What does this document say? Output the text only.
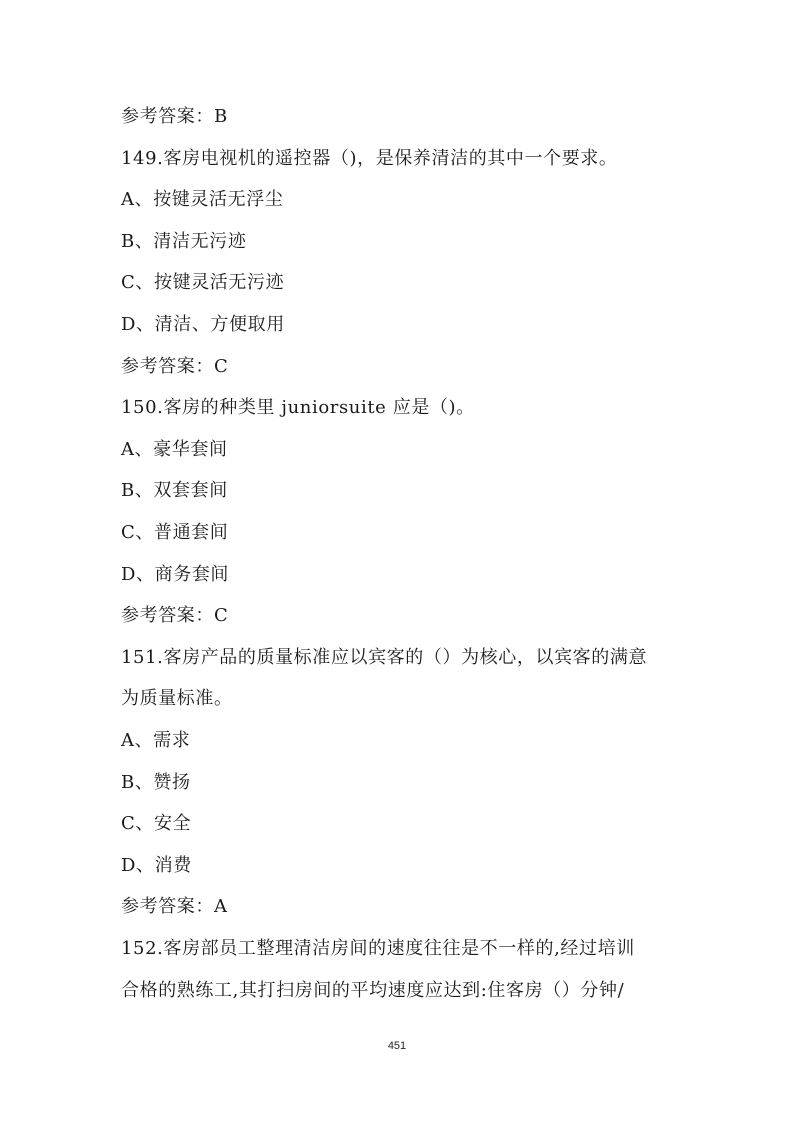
参考答案：B
149.客房电视机的遥控器（)，是保养清洁的其中一个要求。
A、按键灵活无浮尘
B、清洁无污迹
C、按键灵活无污迹
D、清洁、方便取用
参考答案：C
150.客房的种类里 juniorsuite 应是（)。
A、豪华套间
B、双套套间
C、普通套间
D、商务套间
参考答案：C
151.客房产品的质量标准应以宾客的（）为核心，以宾客的满意
为质量标准。
A、需求
B、赞扬
C、安全
D、消费
参考答案：A
152.客房部员工整理清洁房间的速度往往是不一样的,经过培训
合格的熟练工,其打扫房间的平均速度应达到:住客房（）分钟/
451
